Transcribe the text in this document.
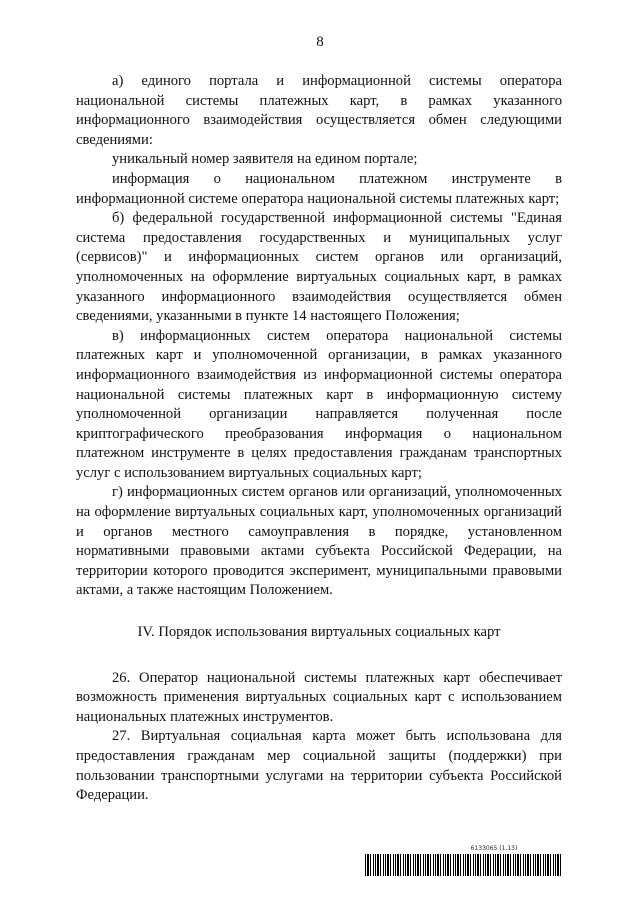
8

а) единого портала и информационной системы оператора национальной системы платежных карт, в рамках указанного информационного взаимодействия осуществляется обмен следующими сведениями:

уникальный номер заявителя на едином портале;

информация о национальном платежном инструменте в информационной системе оператора национальной системы платежных карт;

б) федеральной государственной информационной системы "Единая система предоставления государственных и муниципальных услуг (сервисов)" и информационных систем органов или организаций, уполномоченных на оформление виртуальных социальных карт, в рамках указанного информационного взаимодействия осуществляется обмен сведениями, указанными в пункте 14 настоящего Положения;

в) информационных систем оператора национальной системы платежных карт и уполномоченной организации, в рамках указанного информационного взаимодействия из информационной системы оператора национальной системы платежных карт в информационную систему уполномоченной организации направляется полученная после криптографического преобразования информация о национальном платежном инструменте в целях предоставления гражданам транспортных услуг с использованием виртуальных социальных карт;

г) информационных систем органов или организаций, уполномоченных на оформление виртуальных социальных карт, уполномоченных организаций и органов местного самоуправления в порядке, установленном нормативными правовыми актами субъекта Российской Федерации, на территории которого проводится эксперимент, муниципальными правовыми актами, а также настоящим Положением.

IV. Порядок использования виртуальных социальных карт

26. Оператор национальной системы платежных карт обеспечивает возможность применения виртуальных социальных карт с использованием национальных платежных инструментов.

27. Виртуальная социальная карта может быть использована для предоставления гражданам мер социальной защиты (поддержки) при пользовании транспортными услугами на территории субъекта Российской Федерации.

6133065 (1.13)
